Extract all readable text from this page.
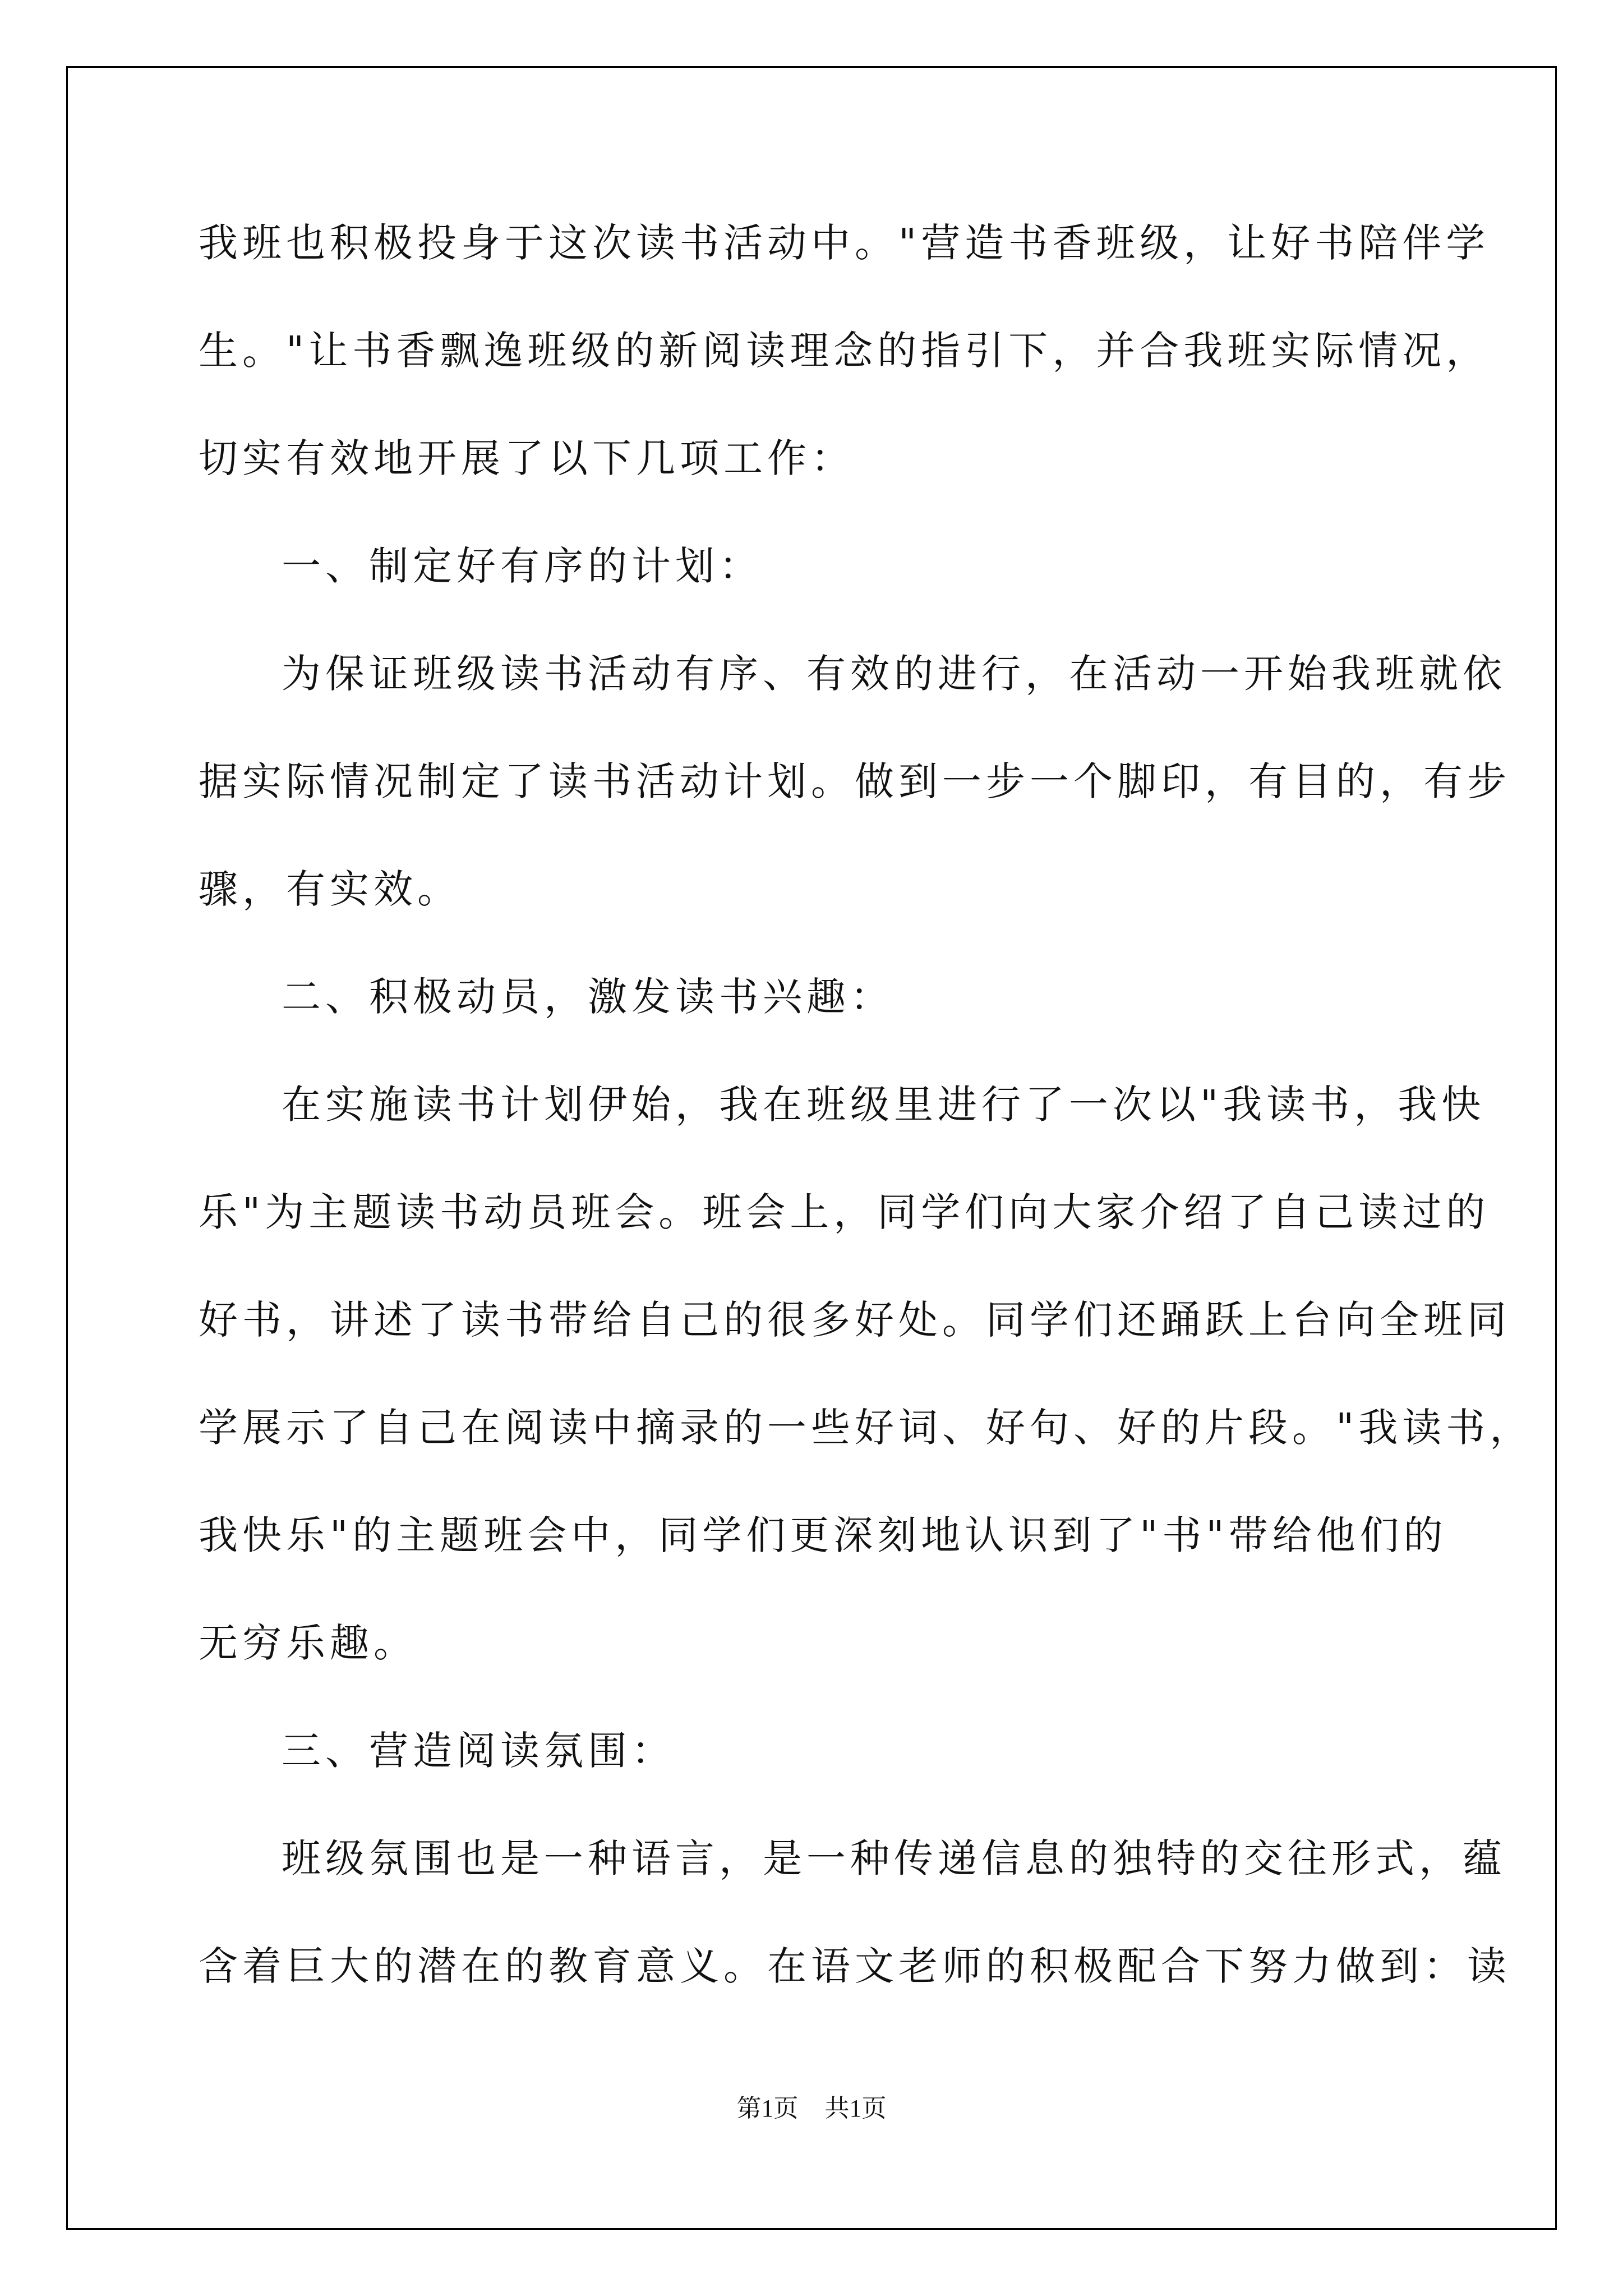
我班也积极投身于这次读书活动中。"营造书香班级，让好书陪伴学
生。"让书香飘逸班级的新阅读理念的指引下，并合我班实际情况，
切实有效地开展了以下几项工作：
一、制定好有序的计划：
为保证班级读书活动有序、有效的进行，在活动一开始我班就依
据实际情况制定了读书活动计划。做到一步一个脚印，有目的，有步
骤，有实效。
二、积极动员，激发读书兴趣：
在实施读书计划伊始，我在班级里进行了一次以"我读书，我快
乐"为主题读书动员班会。班会上，同学们向大家介绍了自己读过的
好书，讲述了读书带给自己的很多好处。同学们还踊跃上台向全班同
学展示了自己在阅读中摘录的一些好词、好句、好的片段。"我读书，
我快乐"的主题班会中，同学们更深刻地认识到了"书"带给他们的
无穷乐趣。
三、营造阅读氛围：
班级氛围也是一种语言，是一种传递信息的独特的交往形式，蕴
含着巨大的潜在的教育意义。在语文老师的积极配合下努力做到：读
第1页 共1页
